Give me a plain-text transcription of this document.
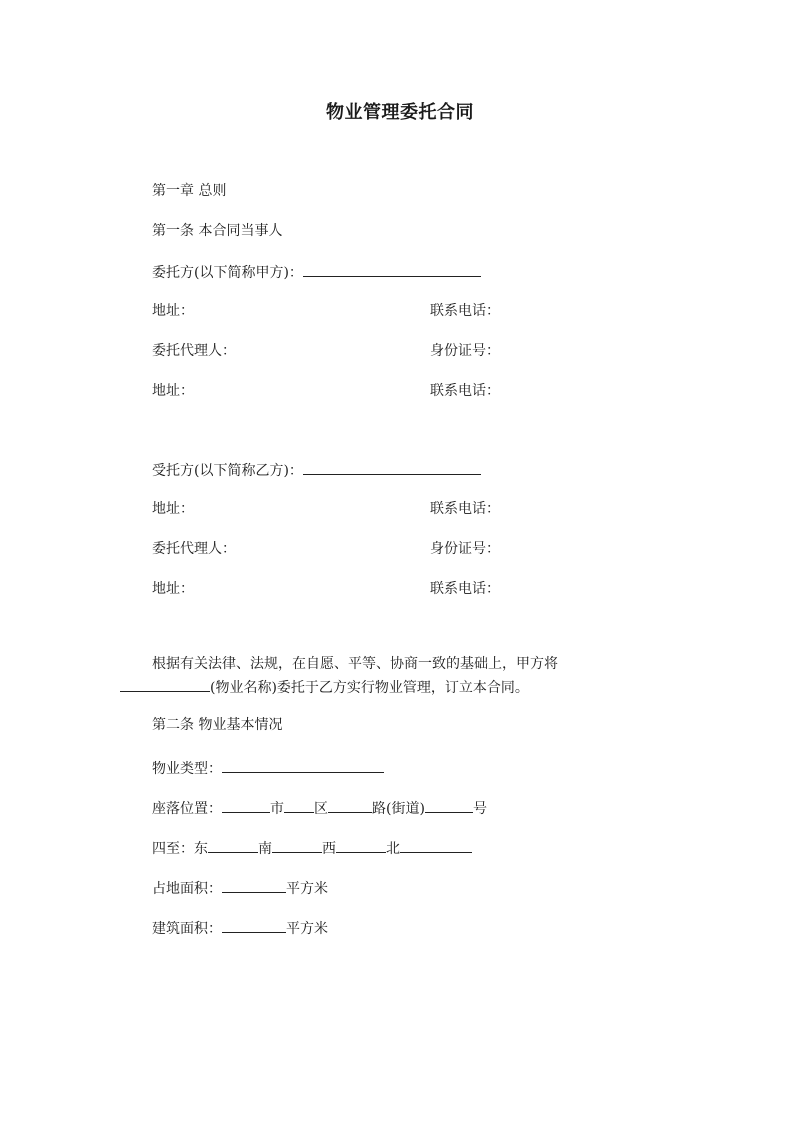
物业管理委托合同
第一章 总则
第一条 本合同当事人
委托方(以下简称甲方)：
地址：	联系电话：
委托代理人：	身份证号：
地址：	联系电话：
受托方(以下简称乙方)：
地址：	联系电话：
委托代理人：	身份证号：
地址：	联系电话：
根据有关法律、法规，在自愿、平等、协商一致的基础上，甲方将
(物业名称)委托于乙方实行物业管理，订立本合同。
第二条 物业基本情况
物业类型：
座落位置：	市 区	路(街道)	号
四至：东	南	西	北
占地面积：	平方米
建筑面积：	平方米
